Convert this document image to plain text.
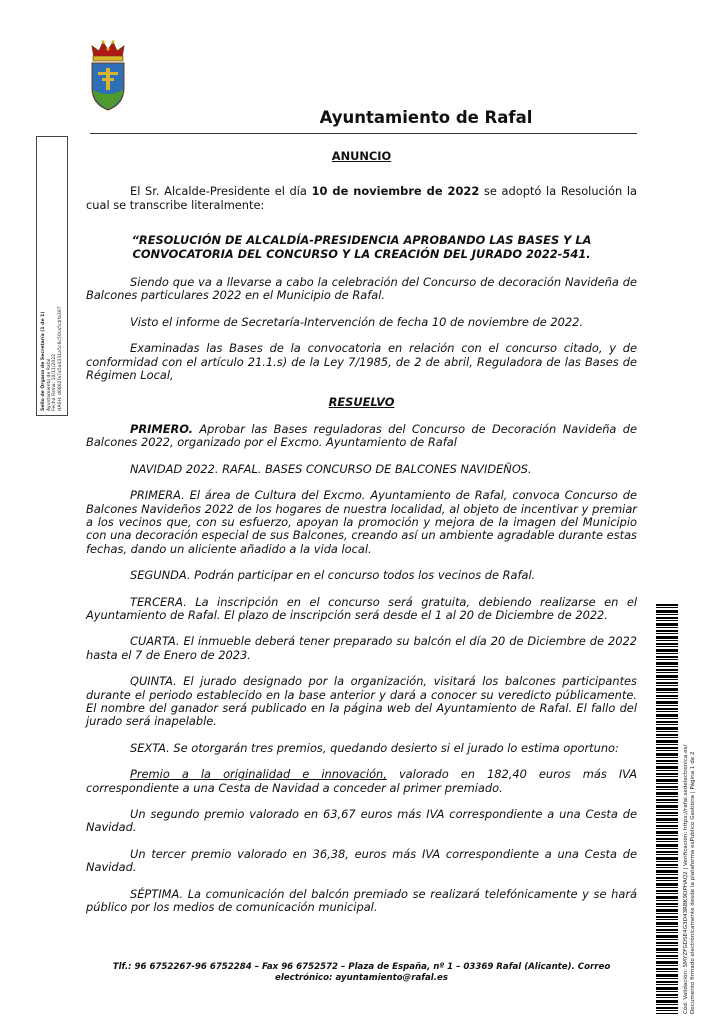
Ayuntamiento de Rafal
Sello de Órgano de Secretaría (1 de 1) Ayuntamiento de Rafal Fecha Firma: 10/11/2022 HASH: d6862fa7a5a4331a5c6c50ca5cbfa307

ANUNCIO

El Sr. Alcalde-Presidente el día 10 de noviembre de 2022 se adoptó la Resolución la cual se transcribe literalmente:

“RESOLUCIÓN DE ALCALDÍA-PRESIDENCIA APROBANDO LAS BASES Y LA CONVOCATORIA DEL CONCURSO Y LA CREACIÓN DEL JURADO 2022-541.

Siendo que va a llevarse a cabo la celebración del Concurso de decoración Navideña de Balcones particulares 2022 en el Municipio de Rafal.

Visto el informe de Secretaría-Intervención de fecha 10 de noviembre de 2022.

Examinadas las Bases de la convocatoria en relación con el concurso citado, y de conformidad con el artículo 21.1.s) de la Ley 7/1985, de 2 de abril, Reguladora de las Bases de Régimen Local,

RESUELVO

PRIMERO. Aprobar las Bases reguladoras del Concurso de Decoración Navideña de Balcones 2022, organizado por el Excmo. Ayuntamiento de Rafal

NAVIDAD 2022. RAFAL. BASES CONCURSO DE BALCONES NAVIDEÑOS.

PRIMERA. El área de Cultura del Excmo. Ayuntamiento de Rafal, convoca Concurso de Balcones Navideños 2022 de los hogares de nuestra localidad, al objeto de incentivar y premiar a los vecinos que, con su esfuerzo, apoyan la promoción y mejora de la imagen del Municipio con una decoración especial de sus Balcones, creando así un ambiente agradable durante estas fechas, dando un aliciente añadido a la vida local.

SEGUNDA. Podrán participar en el concurso todos los vecinos de Rafal.

TERCERA. La inscripción en el concurso será gratuita, debiendo realizarse en el Ayuntamiento de Rafal. El plazo de inscripción será desde el 1 al 20 de Diciembre de 2022.

CUARTA. El inmueble deberá tener preparado su balcón el día 20 de Diciembre de 2022 hasta el 7 de Enero de 2023.

QUINTA. El jurado designado por la organización, visitará los balcones participantes durante el periodo establecido en la base anterior y dará a conocer su veredicto públicamente. El nombre del ganador será publicado en la página web del Ayuntamiento de Rafal. El fallo del jurado será inapelable.

SEXTA. Se otorgarán tres premios, quedando desierto si el jurado lo estima oportuno:

Premio a la originalidad e innovación, valorado en 182,40 euros más IVA correspondiente a una Cesta de Navidad a conceder al primer premiado.

Un segundo premio valorado en 63,67 euros más IVA correspondiente a una Cesta de Navidad.

Un tercer premio valorado en 36,38, euros más IVA correspondiente a una Cesta de Navidad.

SÉPTIMA. La comunicación del balcón premiado se realizará telefónicamente y se hará público por los medios de comunicación municipal.	Cód. Validación: 5MYZFGDSE4G3D43RBK9DPHAQ2 | Verificación: https://rafal.sedelectronica.es/ Documento firmado electrónicamente desde la plataforma esPublico Gestiona | Página 1 de 2
Tlf.: 96 6752267-96 6752284 – Fax 96 6752572 – Plaza de España, nº 1 – 03369 Rafal (Alicante). Correo
electrónico: ayuntamiento@rafal.es
